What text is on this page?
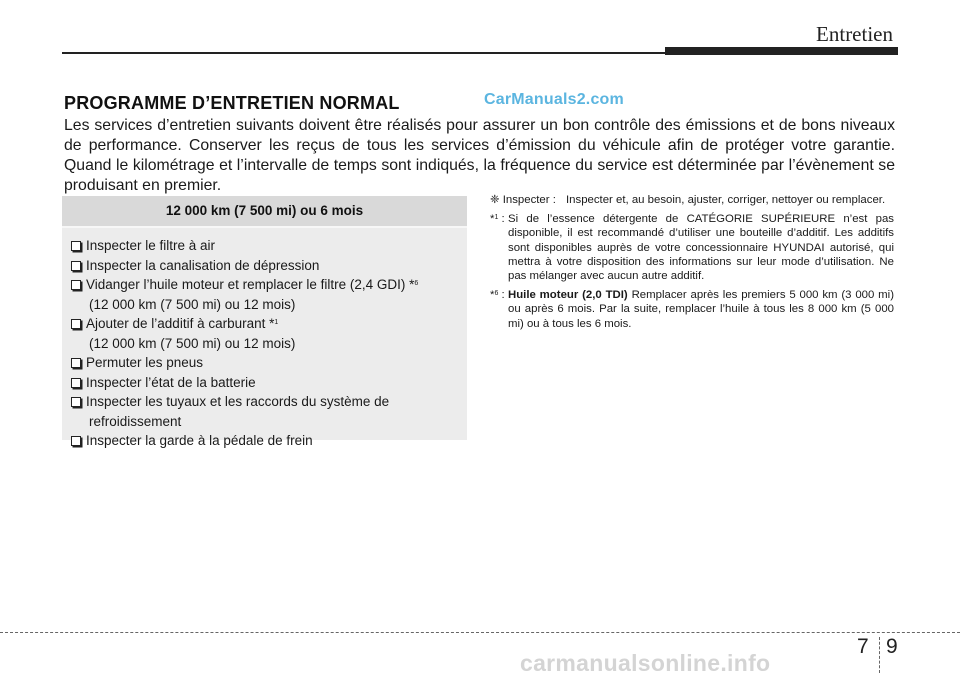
Entretien
PROGRAMME D’ENTRETIEN NORMAL	CarManuals2.com
Les services d’entretien suivants doivent être réalisés pour assurer un bon contrôle des émissions et de bons niveaux de performance. Conserver les reçus de tous les services d’émission du véhicule afin de protéger votre garantie. Quand le kilométrage et l’intervalle de temps sont indiqués, la fréquence du service est déterminée par l’évènement se produisant en premier.
12 000 km (7 500 mi) ou 6 mois
Inspecter le filtre à air
Inspecter la canalisation de dépression
Vidanger l’huile moteur et remplacer le filtre (2,4 GDI) *$^6$
(12 000 km (7 500 mi) ou 12 mois)
Ajouter de l’additif à carburant *$^1$
(12 000 km (7 500 mi) ou 12 mois)
Permuter les pneus
Inspecter l’état de la batterie
Inspecter les tuyaux et les raccords du système de
refroidissement
Inspecter la garde à la pédale de frein
❈ Inspecter : Inspecter et, au besoin, ajuster, corriger, nettoyer ou remplacer.
*$^1$ : Si de l’essence détergente de CATÉGORIE SUPÉRIEURE n’est pas disponible, il est recommandé d’utiliser une bouteille d’additif. Les additifs sont disponibles auprès de votre concessionnaire HYUNDAI autorisé, qui mettra à votre disposition des informations sur leur mode d’utilisation. Ne pas mélanger avec aucun autre additif.
*$^6$ : Huile moteur (2,0 TDI) Remplacer après les premiers 5 000 km (3 000 mi) ou après 6 mois. Par la suite, remplacer l’huile à tous les 8 000 km (5 000 mi) ou à tous les 6 mois.
7 9
carmanualsonline.info
